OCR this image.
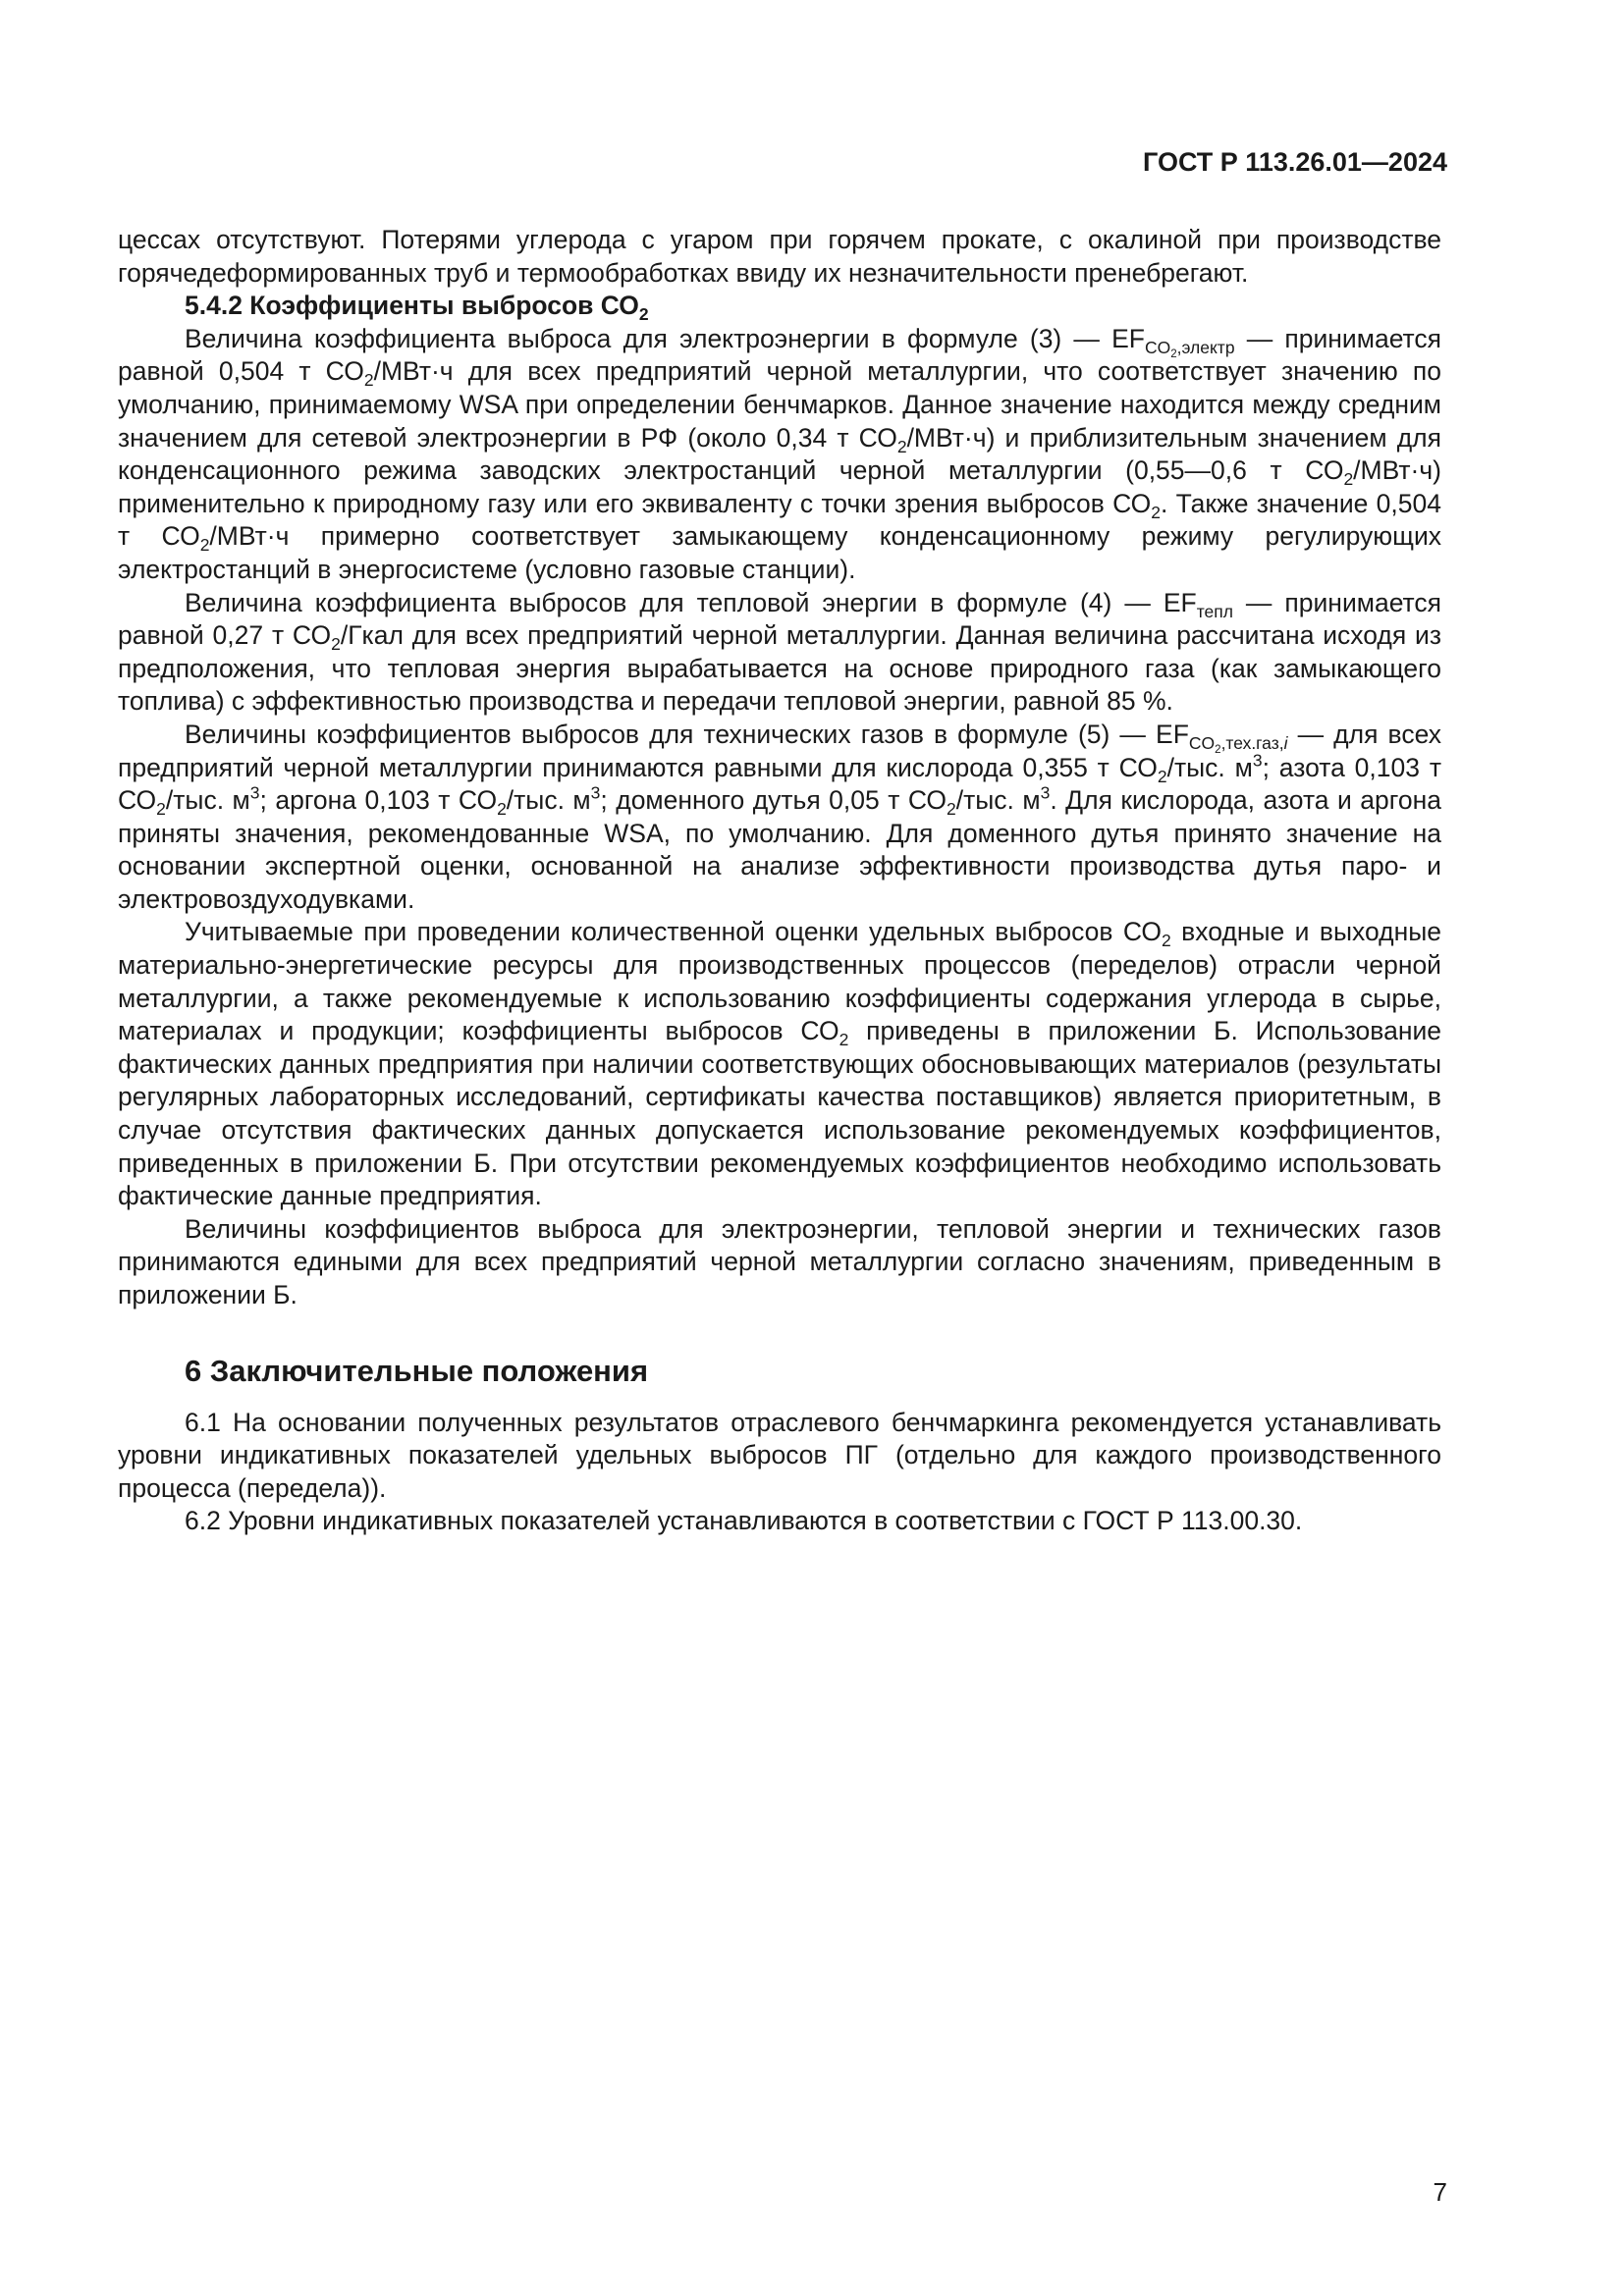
ГОСТ Р 113.26.01—2024

цессах отсутствуют. Потерями углерода с угаром при горячем прокате, с окалиной при производстве горячедеформированных труб и термообработках ввиду их незначительности пренебрегают.

5.4.2 Коэффициенты выбросов $СО_2$

Величина коэффициента выброса для электроэнергии в формуле (3) — $EF_{CO_2,электр}$ — принимается равной 0,504 т $СО_2/МВт\cdot ч$ для всех предприятий черной металлургии, что соответствует значению по умолчанию, принимаемому WSA при определении бенчмарков. Данное значение находится между средним значением для сетевой электроэнергии в РФ (около 0,34 т $СО_2/МВт\cdot ч$) и приблизительным значением для конденсационного режима заводских электростанций черной металлургии (0,55—0,6 т $СО_2/МВт\cdot ч$) применительно к природному газу или его эквиваленту с точки зрения выбросов $СО_2$. Также значение 0,504 т $СО_2/МВт\cdot ч$ примерно соответствует замыкающему конденсационному режиму регулирующих электростанций в энергосистеме (условно газовые станции).

Величина коэффициента выбросов для тепловой энергии в формуле (4) — $EF_{тепл}$ — принимается равной 0,27 т $СО_2$/Гкал для всех предприятий черной металлургии. Данная величина рассчитана исходя из предположения, что тепловая энергия вырабатывается на основе природного газа (как замыкающего топлива) с эффективностью производства и передачи тепловой энергии, равной 85 %.

Величины коэффициентов выбросов для технических газов в формуле (5) — $EF_{CO_2,тех.газ,i}$ — для всех предприятий черной металлургии принимаются равными для кислорода 0,355 т $СО_2$/тыс. $м^3$; азота 0,103 т $СО_2$/тыс. $м^3$; аргона 0,103 т $СО_2$/тыс. $м^3$; доменного дутья 0,05 т $СО_2$/тыс. $м^3$. Для кислорода, азота и аргона приняты значения, рекомендованные WSA, по умолчанию. Для доменного дутья принято значение на основании экспертной оценки, основанной на анализе эффективности производства дутья паро- и электровоздуходувками.

Учитываемые при проведении количественной оценки удельных выбросов $СО_2$ входные и выходные материально-энергетические ресурсы для производственных процессов (переделов) отрасли черной металлургии, а также рекомендуемые к использованию коэффициенты содержания углерода в сырье, материалах и продукции; коэффициенты выбросов $СО_2$ приведены в приложении Б. Использование фактических данных предприятия при наличии соответствующих обосновывающих материалов (результаты регулярных лабораторных исследований, сертификаты качества поставщиков) является приоритетным, в случае отсутствия фактических данных допускается использование рекомендуемых коэффициентов, приведенных в приложении Б. При отсутствии рекомендуемых коэффициентов необходимо использовать фактические данные предприятия.

Величины коэффициентов выброса для электроэнергии, тепловой энергии и технических газов принимаются едиными для всех предприятий черной металлургии согласно значениям, приведенным в приложении Б.

6 Заключительные положения

6.1 На основании полученных результатов отраслевого бенчмаркинга рекомендуется устанавливать уровни индикативных показателей удельных выбросов ПГ (отдельно для каждого производственного процесса (передела)).

6.2 Уровни индикативных показателей устанавливаются в соответствии с ГОСТ Р 113.00.30.

7
